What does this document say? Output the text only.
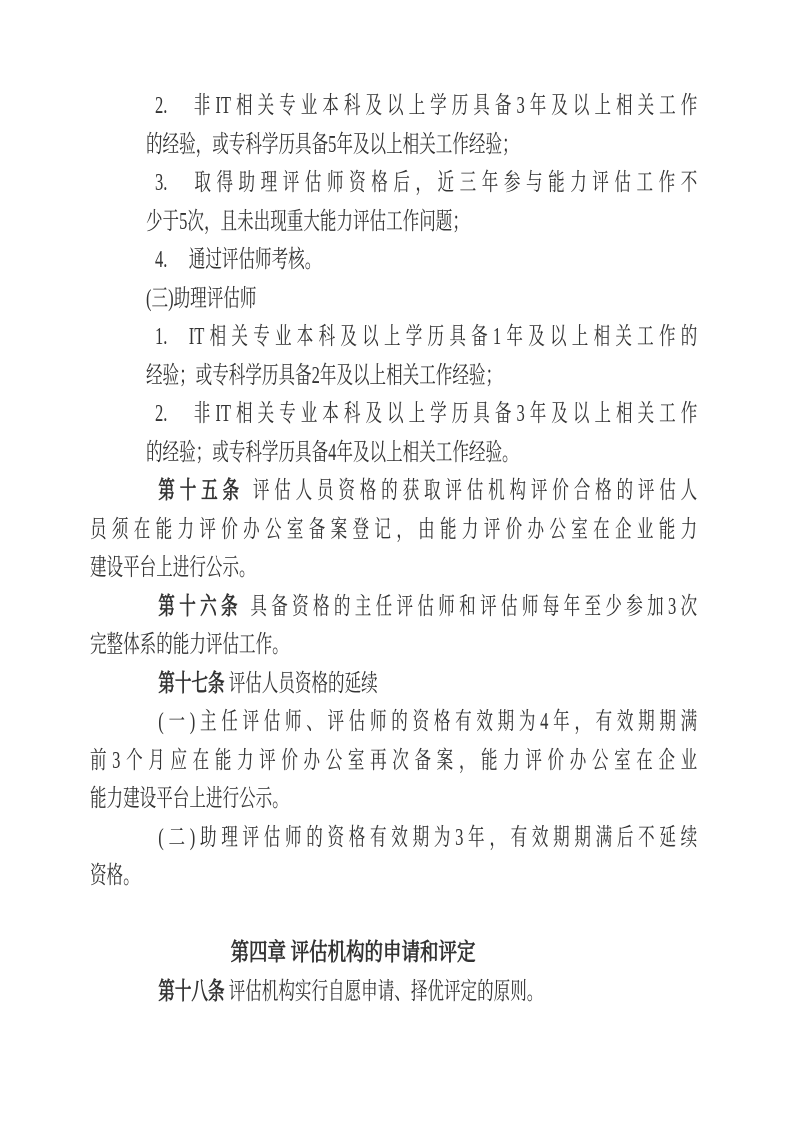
2. 非IT相关专业本科及以上学历具备3年及以上相关工作
的经验，或专科学历具备5年及以上相关工作经验；
3. 取得助理评估师资格后，近三年参与能力评估工作不
少于5次，且未出现重大能力评估工作问题；
4. 通过评估师考核。
(三)助理评估师
1. IT相关专业本科及以上学历具备1年及以上相关工作的
经验；或专科学历具备2年及以上相关工作经验；
2. 非IT相关专业本科及以上学历具备3年及以上相关工作
的经验；或专科学历具备4年及以上相关工作经验。
第十五条 评估人员资格的获取评估机构评价合格的评估人
员须在能力评价办公室备案登记，由能力评价办公室在企业能力
建设平台上进行公示。
第十六条 具备资格的主任评估师和评估师每年至少参加3次
完整体系的能力评估工作。
第十七条 评估人员资格的延续
(一)主任评估师、评估师的资格有效期为4年，有效期期满
前3个月应在能力评价办公室再次备案，能力评价办公室在企业
能力建设平台上进行公示。
(二)助理评估师的资格有效期为3年，有效期期满后不延续
资格。
第四章 评估机构的申请和评定
第十八条 评估机构实行自愿申请、择优评定的原则。
